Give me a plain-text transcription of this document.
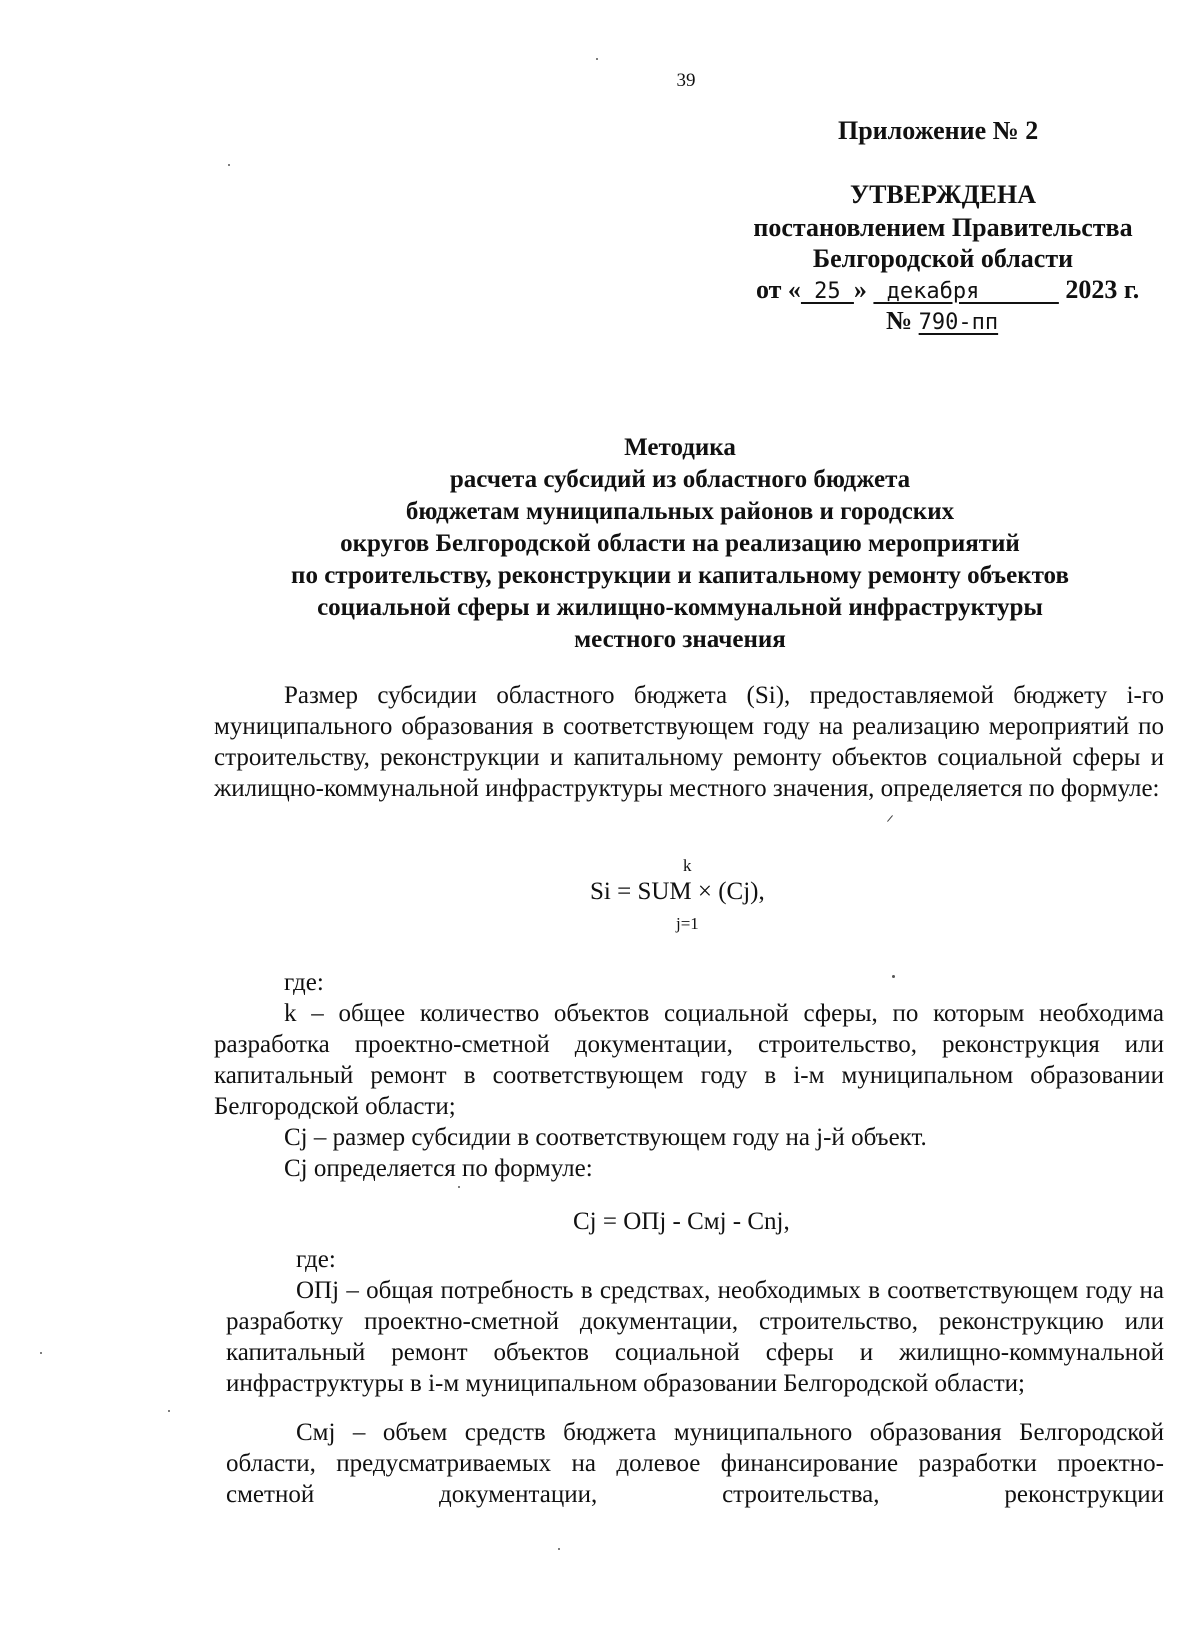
39
Приложение № 2
УТВЕРЖДЕНА
постановлением Правительства
Белгородской области
от « 25 »  декабря       2023 г.
№ 790-пп
Методика
расчета субсидий из областного бюджета
бюджетам муниципальных районов и городских
округов Белгородской области на реализацию мероприятий
по строительству, реконструкции и капитальному ремонту объектов
социальной сферы и жилищно-коммунальной инфраструктуры
местного значения

Размер субсидии областного бюджета (Si), предоставляемой бюджету i-го муниципального образования в соответствующем году на реализацию мероприятий по строительству, реконструкции и капитальному ремонту объектов социальной сферы и жилищно-коммунальной инфраструктуры местного значения, определяется по формуле:

k
Si = SUM × (Cj),
j=1

где:

k – общее количество объектов социальной сферы, по которым необходима разработка проектно-сметной документации, строительство, реконструкция или капитальный ремонт в соответствующем году в i-м муниципальном образовании Белгородской области;

Cj – размер субсидии в соответствующем году на j-й объект.

Cj определяется по формуле:

Cj = ОПj - Смj - Cnj,

где:

ОПj – общая потребность в средствах, необходимых в соответствующем году на разработку проектно-сметной документации, строительство, реконструкцию или капитальный ремонт объектов социальной сферы и жилищно-коммунальной инфраструктуры в i-м муниципальном образовании Белгородской области;

Смj – объем средств бюджета муниципального образования Белгородской области, предусматриваемых на долевое финансирование разработки проектно-сметной документации, строительства, реконструкции
